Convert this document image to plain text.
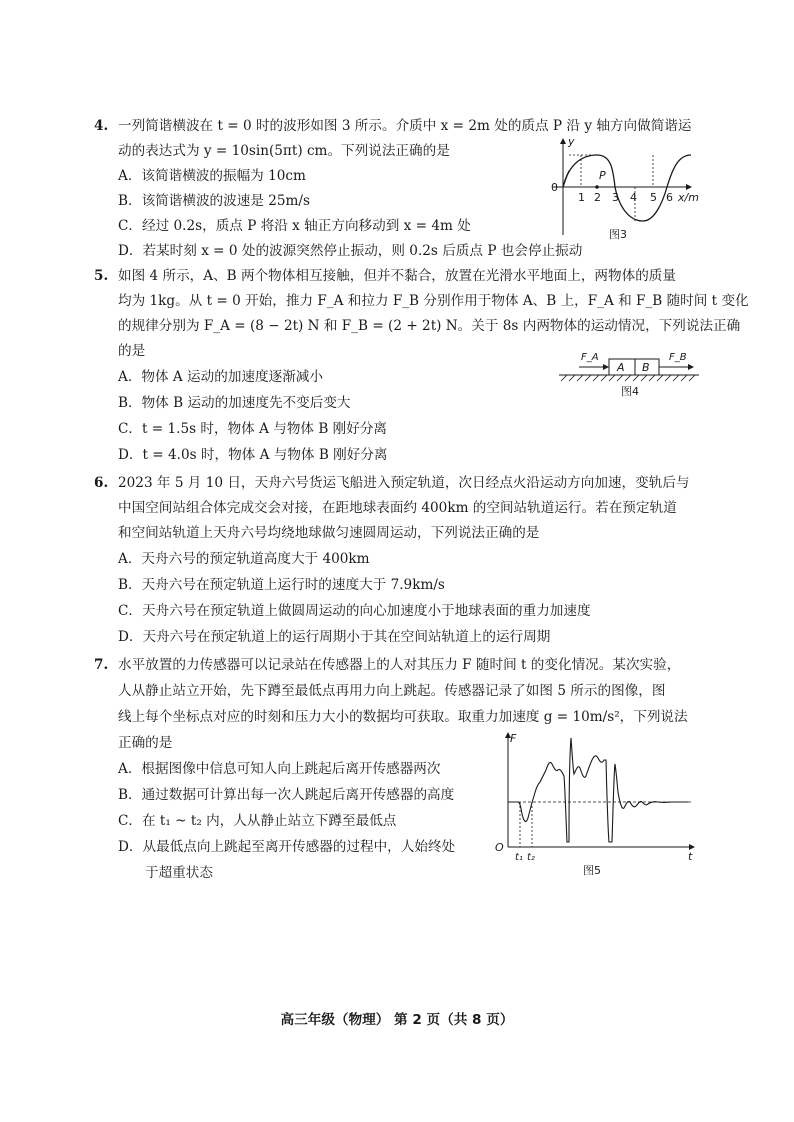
4. 一列简谐横波在 t = 0 时的波形如图 3 所示。介质中 x = 2m 处的质点 P 沿 y 轴方向做简谐运
动的表达式为 y = 10sin(5πt) cm。下列说法正确的是
A．该简谐横波的振幅为 10cm
B．该简谐横波的波速是 25m/s
C．经过 0.2s，质点 P 将沿 x 轴正方向移动到 x = 4m 处
D．若某时刻 x = 0 处的波源突然停止振动，则 0.2s 后质点 P 也会停止振动
y
0
P
1 2 3 4 5 6 x/m
图3
5. 如图 4 所示，A、B 两个物体相互接触，但并不黏合，放置在光滑水平地面上，两物体的质量
均为 1kg。从 t = 0 开始，推力 F_A 和拉力 F_B 分别作用于物体 A、B 上，F_A 和 F_B 随时间 t 变化
的规律分别为 F_A = (8 − 2t) N 和 F_B = (2 + 2t) N。关于 8s 内两物体的运动情况，下列说法正确
的是
A．物体 A 运动的加速度逐渐减小
B．物体 B 运动的加速度先不变后变大
C．t = 1.5s 时，物体 A 与物体 B 刚好分离
D．t = 4.0s 时，物体 A 与物体 B 刚好分离
A B
F_A	F_B
图4
6. 2023 年 5 月 10 日，天舟六号货运飞船进入预定轨道，次日经点火沿运动方向加速，变轨后与
中国空间站组合体完成交会对接，在距地球表面约 400km 的空间站轨道运行。若在预定轨道
和空间站轨道上天舟六号均绕地球做匀速圆周运动，下列说法正确的是
A．天舟六号的预定轨道高度大于 400km
B．天舟六号在预定轨道上运行时的速度大于 7.9km/s
C．天舟六号在预定轨道上做圆周运动的向心加速度小于地球表面的重力加速度
D．天舟六号在预定轨道上的运行周期小于其在空间站轨道上的运行周期
7. 水平放置的力传感器可以记录站在传感器上的人对其压力 F 随时间 t 的变化情况。某次实验，
人从静止站立开始，先下蹲至最低点再用力向上跳起。传感器记录了如图 5 所示的图像，图
线上每个坐标点对应的时刻和压力大小的数据均可获取。取重力加速度 g = 10m/s²，下列说法
正确的是
A．根据图像中信息可知人向上跳起后离开传感器两次
B．通过数据可计算出每一次人跳起后离开传感器的高度
C．在 t₁ ~ t₂ 内，人从静止站立下蹲至最低点
D．从最低点向上跳起至离开传感器的过程中，人始终处
于超重状态
F
O
t₁ t₂	t
图5
高三年级（物理） 第 2 页（共 8 页）
